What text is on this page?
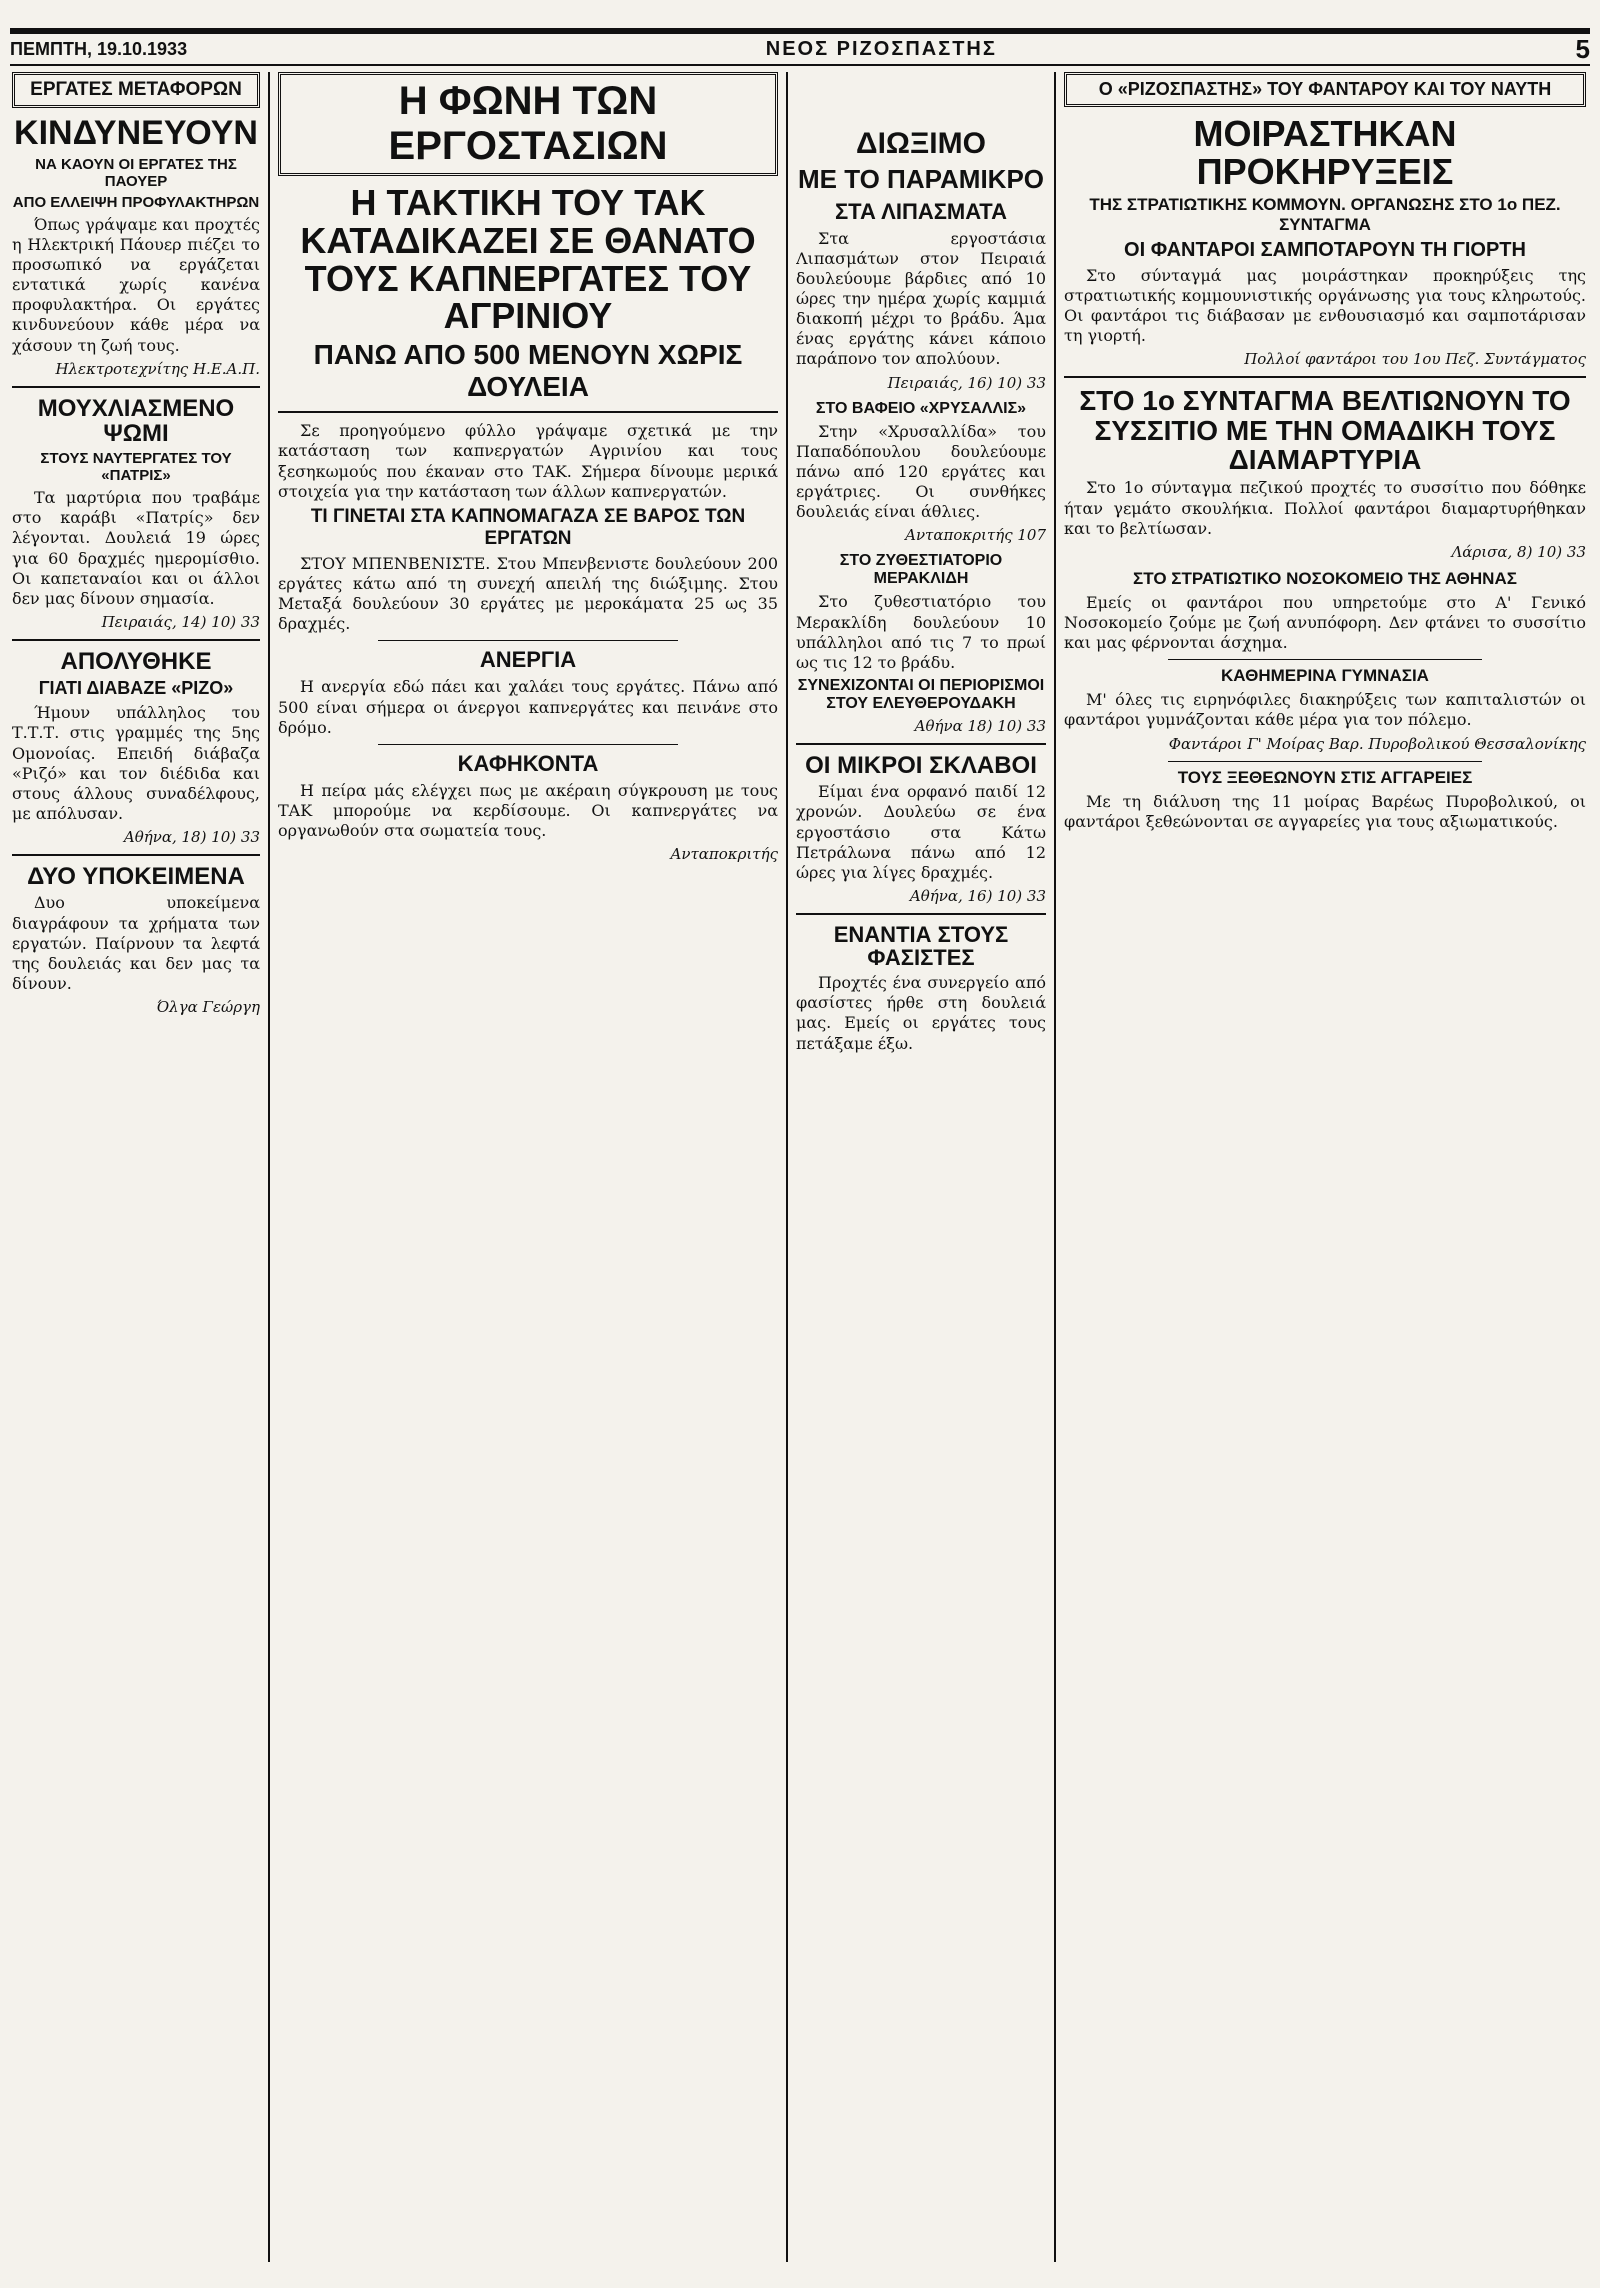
ΠΕΜΠΤΗ, 19.10.1933	ΝΕΟΣ ΡΙΖΟΣΠΑΣΤΗΣ	5
ΕΡΓΑΤΕΣ ΜΕΤΑΦΟΡΩΝ
ΚΙΝΔΥΝΕΥΟΥΝ
ΝΑ ΚΑΟΥΝ ΟΙ ΕΡΓΑΤΕΣ ΤΗΣ ΠΑΟΥΕΡ
ΑΠΟ ΕΛΛΕΙΨΗ ΠΡΟΦΥΛΑΚΤΗΡΩΝ

Όπως γράψαμε και προχτές η Ηλεκτρική Πάουερ πιέζει το προσωπικό να εργάζεται εντατικά χωρίς κανένα προφυλακτήρα. Οι εργάτες κινδυνεύουν κάθε μέρα να χάσουν τη ζωή τους.

Ηλεκτροτεχνίτης Η.Ε.Α.Π.
ΜΟΥΧΛΙΑΣΜΕΝΟ ΨΩΜΙ
ΣΤΟΥΣ ΝΑΥΤΕΡΓΑΤΕΣ ΤΟΥ «ΠΑΤΡΙΣ»

Τα μαρτύρια που τραβάμε στο καράβι «Πατρίς» δεν λέγονται. Δουλειά 19 ώρες για 60 δραχμές ημερομίσθιο. Οι καπεταναίοι και οι άλλοι δεν μας δίνουν σημασία.

Πειραιάς, 14) 10) 33
ΑΠΟΛΥΘΗΚΕ
ΓΙΑΤΙ ΔΙΑΒΑΖΕ «ΡΙΖΟ»

Ήμουν υπάλληλος του Τ.Τ.Τ. στις γραμμές της 5ης Ομονοίας. Επειδή διάβαζα «Ριζό» και τον διέδιδα και στους άλλους συναδέλφους, με απόλυσαν.

Αθήνα, 18) 10) 33
ΔΥΟ ΥΠΟΚΕΙΜΕΝΑ

Δυο υποκείμενα διαγράφουν τα χρήματα των εργατών. Παίρνουν τα λεφτά της δουλειάς και δεν μας τα δίνουν.

Όλγα Γεώργη
Η ΦΩΝΗ ΤΩΝ ΕΡΓΟΣΤΑΣΙΩΝ
Η ΤΑΚΤΙΚΗ ΤΟΥ ΤΑΚ ΚΑΤΑΔΙΚΑΖΕΙ ΣΕ ΘΑΝΑΤΟ ΤΟΥΣ ΚΑΠΝΕΡΓΑΤΕΣ ΤΟΥ ΑΓΡΙΝΙΟΥ
ΠΑΝΩ ΑΠΟ 500 ΜΕΝΟΥΝ ΧΩΡΙΣ ΔΟΥΛΕΙΑ

Σε προηγούμενο φύλλο γράψαμε σχετικά με την κατάσταση των καπνεργατών Αγρινίου και τους ξεσηκωμούς που έκαναν στο ΤΑΚ. Σήμερα δίνουμε μερικά στοιχεία για την κατάσταση των άλλων καπνεργατών.

ΤΙ ΓΙΝΕΤΑΙ ΣΤΑ ΚΑΠΝΟΜΑΓΑΖΑ ΣΕ ΒΑΡΟΣ ΤΩΝ ΕΡΓΑΤΩΝ

ΣΤΟΥ ΜΠΕΝΒΕΝΙΣΤΕ. Στου Μπενβενιστε δουλεύουν 200 εργάτες κάτω από τη συνεχή απειλή της διώξιμης. Στου Μεταξά δουλεύουν 30 εργάτες με μεροκάματα 25 ως 35 δραχμές.

ΑΝΕΡΓΙΑ

Η ανεργία εδώ πάει και χαλάει τους εργάτες. Πάνω από 500 είναι σήμερα οι άνεργοι καπνεργάτες και πεινάνε στο δρόμο.

ΚΑΦΗΚΟΝΤΑ

Η πείρα μάς ελέγχει πως με ακέραιη σύγκρουση με τους ΤΑΚ μπορούμε να κερδίσουμε. Οι καπνεργάτες να οργανωθούν στα σωματεία τους.

Ανταποκριτής
ΔΙΩΞΙΜΟ
ΜΕ ΤΟ ΠΑΡΑΜΙΚΡΟ
ΣΤΑ ΛΙΠΑΣΜΑΤΑ

Στα εργοστάσια Λιπασμάτων στον Πειραιά δουλεύουμε βάρδιες από 10 ώρες την ημέρα χωρίς καμμιά διακοπή μέχρι το βράδυ. Άμα ένας εργάτης κάνει κάποιο παράπονο τον απολύουν.

Πειραιάς, 16) 10) 33
ΣΤΟ ΒΑΦΕΙΟ «ΧΡΥΣΑΛΛΙΣ»

Στην «Χρυσαλλίδα» του Παπαδόπουλου δουλεύουμε πάνω από 120 εργάτες και εργάτριες. Οι συνθήκες δουλειάς είναι άθλιες.

Ανταποκριτής 107
ΣΤΟ ΖΥΘΕΣΤΙΑΤΟΡΙΟ ΜΕΡΑΚΛΙΔΗ

Στο ζυθεστιατόριο του Μερακλίδη δουλεύουν 10 υπάλληλοι από τις 7 το πρωί ως τις 12 το βράδυ.

ΣΥΝΕΧΙΖΟΝΤΑΙ ΟΙ ΠΕΡΙΟΡΙΣΜΟΙ ΣΤΟΥ ΕΛΕΥΘΕΡΟΥΔΑΚΗ
Αθήνα 18) 10) 33
ΟΙ ΜΙΚΡΟΙ ΣΚΛΑΒΟΙ

Είμαι ένα ορφανό παιδί 12 χρονών. Δουλεύω σε ένα εργοστάσιο στα Κάτω Πετράλωνα πάνω από 12 ώρες για λίγες δραχμές.

Αθήνα, 16) 10) 33
ΕΝΑΝΤΙΑ ΣΤΟΥΣ ΦΑΣΙΣΤΕΣ

Προχτές ένα συνεργείο από φασίστες ήρθε στη δουλειά μας. Εμείς οι εργάτες τους πετάξαμε έξω.

Ο «ΡΙΖΟΣΠΑΣΤΗΣ» ΤΟΥ ΦΑΝΤΑΡΟΥ ΚΑΙ ΤΟΥ ΝΑΥΤΗ
ΜΟΙΡΑΣΤΗΚΑΝ ΠΡΟΚΗΡΥΞΕΙΣ
ΤΗΣ ΣΤΡΑΤΙΩΤΙΚΗΣ ΚΟΜΜΟΥΝ. ΟΡΓΑΝΩΣΗΣ ΣΤΟ 1ο ΠΕΖ. ΣΥΝΤΑΓΜΑ
ΟΙ ΦΑΝΤΑΡΟΙ ΣΑΜΠΟΤΑΡΟΥΝ ΤΗ ΓΙΟΡΤΗ

Στο σύνταγμά μας μοιράστηκαν προκηρύξεις της στρατιωτικής κομμουνιστικής οργάνωσης για τους κληρωτούς. Οι φαντάροι τις διάβασαν με ενθουσιασμό και σαμποτάρισαν τη γιορτή.

Πολλοί φαντάροι του 1ου Πεζ. Συντάγματος
ΣΤΟ 1ο ΣΥΝΤΑΓΜΑ ΒΕΛΤΙΩΝΟΥΝ ΤΟ ΣΥΣΣΙΤΙΟ ΜΕ ΤΗΝ ΟΜΑΔΙΚΗ ΤΟΥΣ ΔΙΑΜΑΡΤΥΡΙΑ

Στο 1ο σύνταγμα πεζικού προχτές το συσσίτιο που δόθηκε ήταν γεμάτο σκουλήκια. Πολλοί φαντάροι διαμαρτυρήθηκαν και το βελτίωσαν.

Λάρισα, 8) 10) 33
ΣΤΟ ΣΤΡΑΤΙΩΤΙΚΟ ΝΟΣΟΚΟΜΕΙΟ ΤΗΣ ΑΘΗΝΑΣ

Εμείς οι φαντάροι που υπηρετούμε στο Α' Γενικό Νοσοκομείο ζούμε με ζωή ανυπόφορη. Δεν φτάνει το συσσίτιο και μας φέρνονται άσχημα.

ΚΑΘΗΜΕΡΙΝΑ ΓΥΜΝΑΣΙΑ

Μ' όλες τις ειρηνόφιλες διακηρύξεις των καπιταλιστών οι φαντάροι γυμνάζονται κάθε μέρα για τον πόλεμο.

Φαντάροι Γ' Μοίρας Βαρ. Πυροβολικού Θεσσαλονίκης
ΤΟΥΣ ΞΕΘΕΩΝΟΥΝ ΣΤΙΣ ΑΓΓΑΡΕΙΕΣ

Με τη διάλυση της 11 μοίρας Βαρέως Πυροβολικού, οι φαντάροι ξεθεώνονται σε αγγαρείες για τους αξιωματικούς.
